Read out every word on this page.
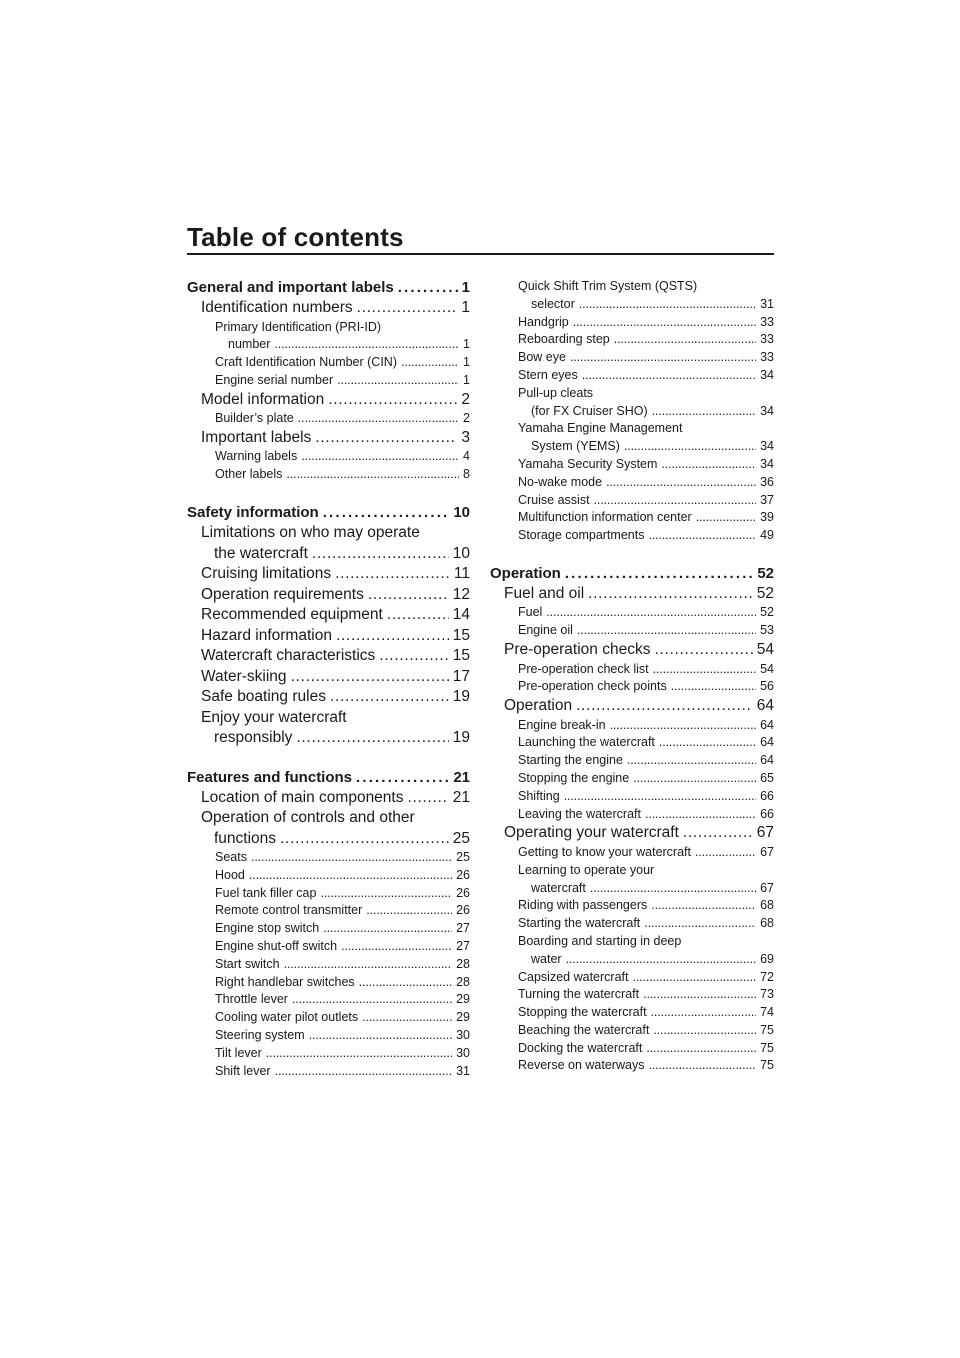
Table of contents
General and important labels . . .	1
Identification numbers . . .	1
Primary Identification (PRI-ID)
number . . .	1
Craft Identification Number (CIN) . . .	1
Engine serial number . . .	1
Model information . . .	2
Builder’s plate . . .	2
Important labels . . .	3
Warning labels . . .	4
Other labels . . .	8
Safety information . . .	10
Limitations on who may operate
the watercraft . . .	10
Cruising limitations . . .	11
Operation requirements . . .	12
Recommended equipment . . .	14
Hazard information . . .	15
Watercraft characteristics . . .	15
Water-skiing . . .	17
Safe boating rules . . .	19
Enjoy your watercraft
responsibly . . .	19
Features and functions . . .	21
Location of main components . . .	21
Operation of controls and other
functions . . .	25
Seats . . .	25
Hood . . .	26
Fuel tank filler cap . . .	26
Remote control transmitter . . .	26
Engine stop switch . . .	27
Engine shut-off switch . . .	27
Start switch . . .	28
Right handlebar switches . . .	28
Throttle lever . . .	29
Cooling water pilot outlets . . .	29
Steering system . . .	30
Tilt lever . . .	30
Shift lever . . .	31
Quick Shift Trim System (QSTS)
selector . . .	31
Handgrip . . .	33
Reboarding step . . .	33
Bow eye . . .	33
Stern eyes . . .	34
Pull-up cleats
(for FX Cruiser SHO) . . .	34
Yamaha Engine Management
System (YEMS) . . .	34
Yamaha Security System . . .	34
No-wake mode . . .	36
Cruise assist . . .	37
Multifunction information center . . .	39
Storage compartments . . .	49
Operation . . .	52
Fuel and oil . . .	52
Fuel . . .	52
Engine oil . . .	53
Pre-operation checks . . .	54
Pre-operation check list . . .	54
Pre-operation check points . . .	56
Operation . . .	64
Engine break-in . . .	64
Launching the watercraft . . .	64
Starting the engine . . .	64
Stopping the engine . . .	65
Shifting . . .	66
Leaving the watercraft . . .	66
Operating your watercraft . . .	67
Getting to know your watercraft . . .	67
Learning to operate your
watercraft . . .	67
Riding with passengers . . .	68
Starting the watercraft . . .	68
Boarding and starting in deep
water . . .	69
Capsized watercraft . . .	72
Turning the watercraft . . .	73
Stopping the watercraft . . .	74
Beaching the watercraft . . .	75
Docking the watercraft . . .	75
Reverse on waterways . . .	75
